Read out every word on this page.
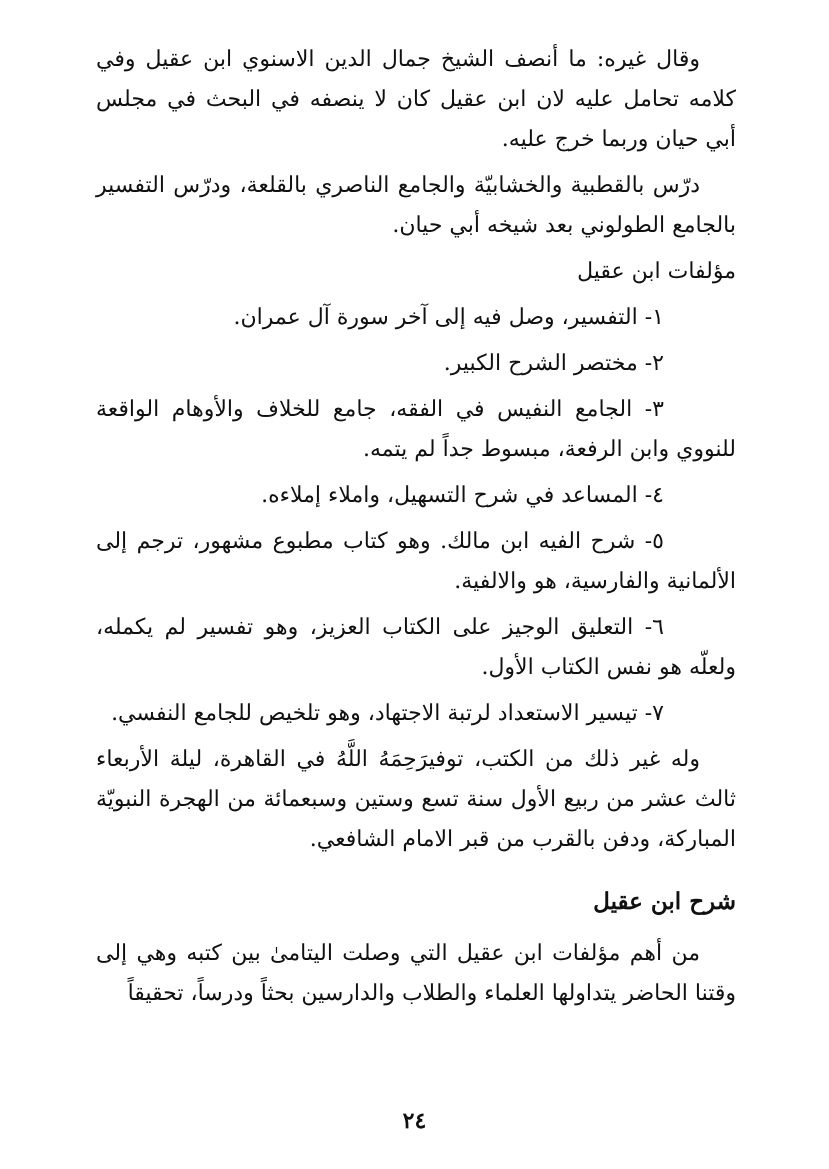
وقال غيره: ما أنصف الشيخ جمال الدين الاسنوي ابن عقيل وفي كلامه تحامل عليه لان ابن عقيل كان لا ينصفه في البحث في مجلس أبي حيان وربما خرج عليه.

درّس بالقطبية والخشابيّة والجامع الناصري بالقلعة، ودرّس التفسير بالجامع الطولوني بعد شيخه أبي حيان.

مؤلفات ابن عقيل

١- التفسير، وصل فيه إلى آخر سورة آل عمران.

٢- مختصر الشرح الكبير.

٣- الجامع النفيس في الفقه، جامع للخلاف والأوهام الواقعة للنووي وابن الرفعة، مبسوط جداً لم يتمه.

٤- المساعد في شرح التسهيل، واملاء إملاءه.

٥- شرح الفيه ابن مالك. وهو كتاب مطبوع مشهور، ترجم إلى الألمانية والفارسية، هو والالفية.

٦- التعليق الوجيز على الكتاب العزيز، وهو تفسير لم يكمله، ولعلّه هو نفس الكتاب الأول.

٧- تيسير الاستعداد لرتبة الاجتهاد، وهو تلخيص للجامع النفسي.

وله غير ذلك من الكتب، توفيرَحِمَهُ اللَّهُ في القاهرة، ليلة الأربعاء ثالث عشر من ربيع الأول سنة تسع وستين وسبعمائة من الهجرة النبويّة المباركة، ودفن بالقرب من قبر الامام الشافعي.

شرح ابن عقيل

من أهم مؤلفات ابن عقيل التي وصلت اليتامىٰ بين كتبه وهي إلى وقتنا الحاضر يتداولها العلماء والطلاب والدارسين بحثاً ودرساً، تحقيقاً

٢٤
